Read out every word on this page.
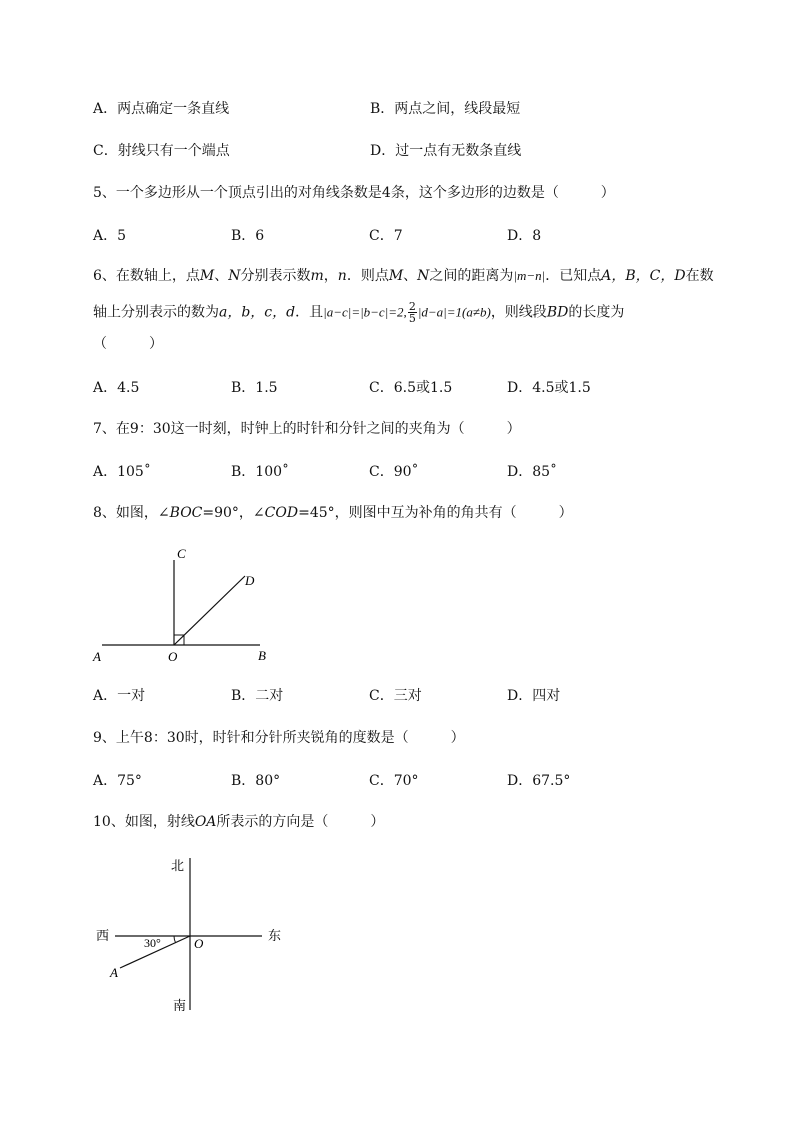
A．两点确定一条直线	B．两点之间，线段最短
C．射线只有一个端点	D．过一点有无数条直线
5、一个多边形从一个顶点引出的对角线条数是4条，这个多边形的边数是（　　　）
A．5	B．6	C．7	D．8
6、在数轴上，点M、N分别表示数m，n．则点M、N之间的距离为|m−n|．已知点A，B，C，D在数
轴上分别表示的数为a，b，c，d．且|a−c|=|b−c|=2, $\frac{2}{5} |d-a|=1(a\ne b)$，则线段BD的长度为
（　　　）
A．4.5	B．1.5	C．6.5或1.5	D．4.5或1.5
7、在9：30这一时刻，时钟上的时针和分针之间的夹角为（　　　）
A．105˚	B．100˚	C．90˚	D．85˚
8、如图，∠BOC=90°，∠COD=45°，则图中互为补角的角共有（　　　）
C
D
A	O	B
A．一对	B．二对	C．三对	D．四对
9、上午8：30时，时针和分针所夹锐角的度数是（　　　）
A．75°	B．80°	C．70°	D．67.5°
10、如图，射线OA所表示的方向是（　　　）
北
西	东
南
O
A
30°
